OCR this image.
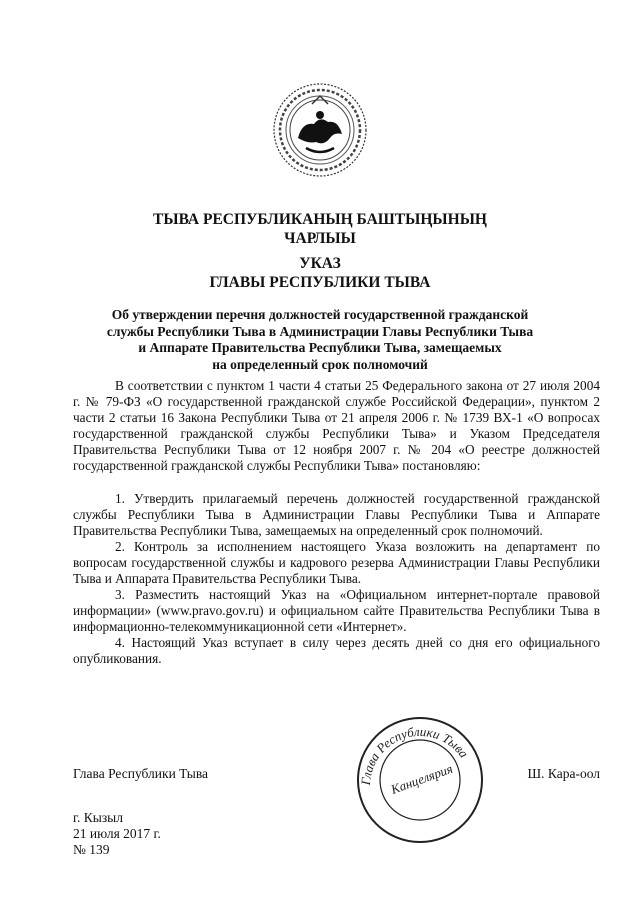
ТЫВА РЕСПУБЛИКАНЫҢ БАШТЫҢЫНЫҢ
ЧАРЛЫЫ
УКАЗ
ГЛАВЫ РЕСПУБЛИКИ ТЫВА
Об утверждении перечня должностей государственной гражданской
службы Республики Тыва в Администрации Главы Республики Тыва
и Аппарате Правительства Республики Тыва, замещаемых
на определенный срок полномочий

В соответствии с пунктом 1 части 4 статьи 25 Федерального закона от 27 июля 2004 г. № 79-ФЗ «О государственной гражданской службе Российской Федерации», пунктом 2 части 2 статьи 16 Закона Республики Тыва от 21 апреля 2006 г. № 1739 ВХ-1 «О вопросах государственной гражданской службы Республики Тыва» и Указом Председателя Правительства Республики Тыва от 12 ноября 2007 г. № 204 «О реестре должностей государственной гражданской службы Республики Тыва» постановляю:

1. Утвердить прилагаемый перечень должностей государственной гражданской службы Республики Тыва в Администрации Главы Республики Тыва и Аппарате Правительства Республики Тыва, замещаемых на определенный срок полномочий.

2. Контроль за исполнением настоящего Указа возложить на департамент по вопросам государственной службы и кадрового резерва Администрации Главы Республики Тыва и Аппарата Правительства Республики Тыва.

3. Разместить настоящий Указ на «Официальном интернет-портале правовой информации» (www.pravo.gov.ru) и официальном сайте Правительства Республики Тыва в информационно-телекоммуникационной сети «Интернет».

4. Настоящий Указ вступает в силу через десять дней со дня его официального опубликования.

Глава Республики Тыва	Ш. Кара-оол
Глава Республики Тыва
Канцелярия
г. Кызыл
21 июля 2017 г.
№ 139
